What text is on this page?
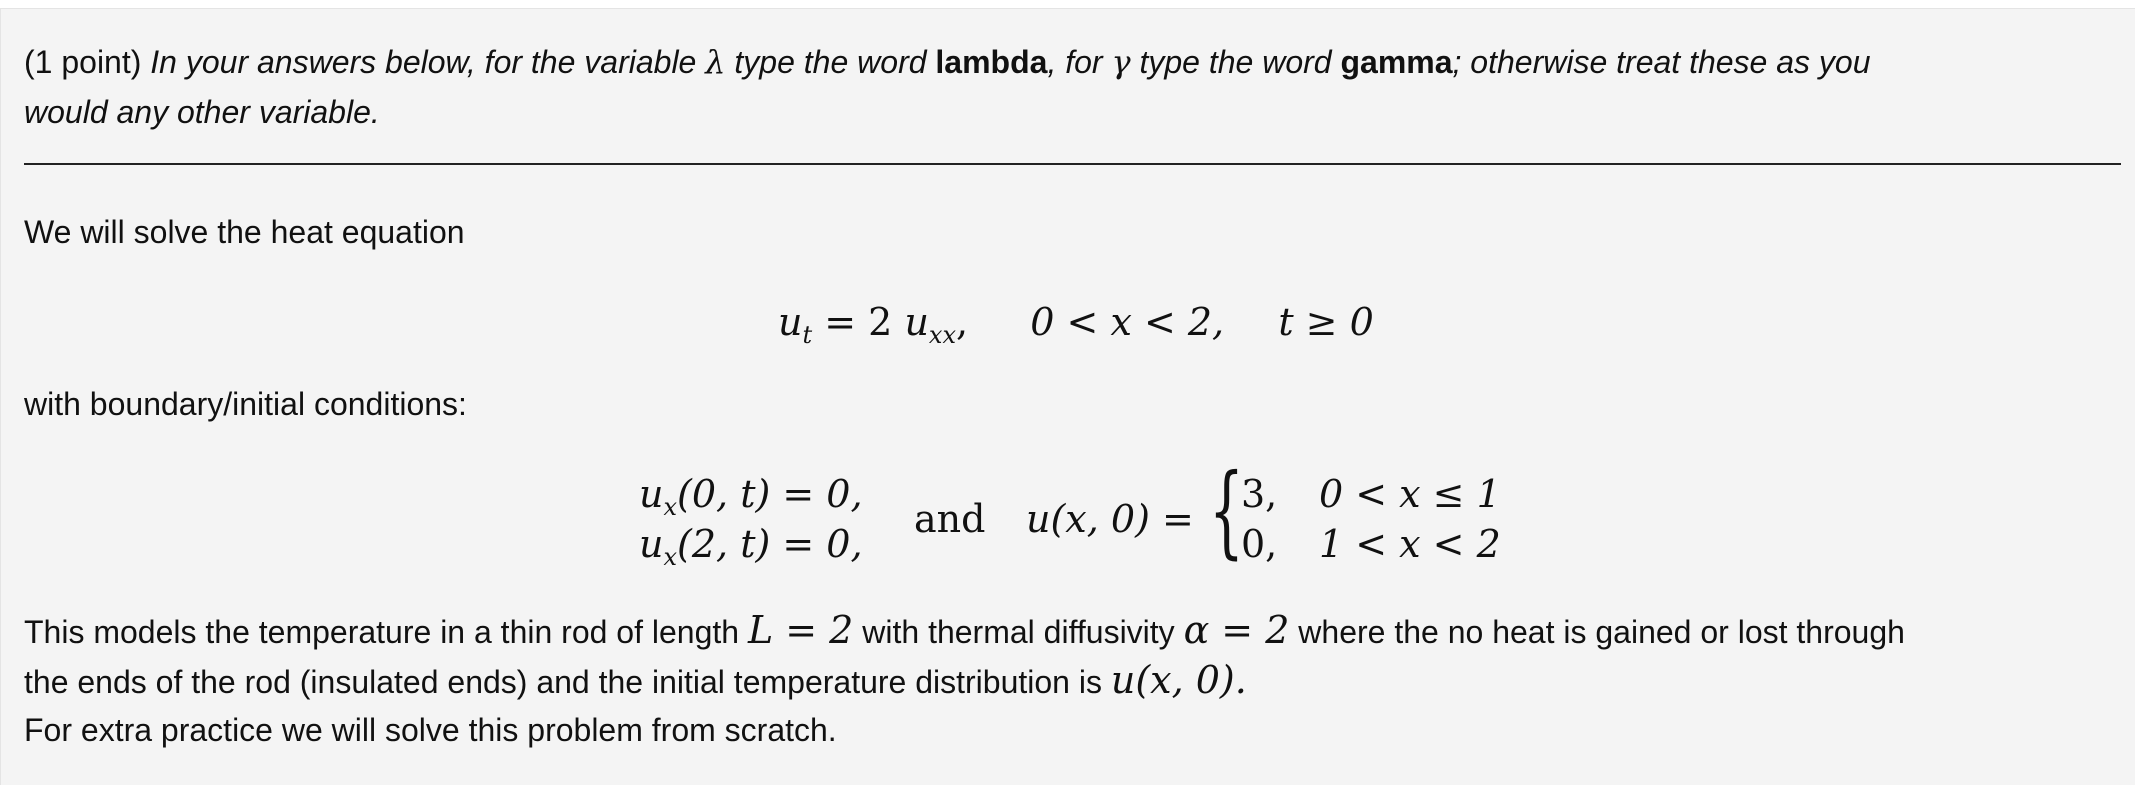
(1 point) In your answers below, for the variable λ type the word lambda, for γ type the word gamma; otherwise treat these as you
would any other variable.
We will solve the heat equation
$u_t = 2$ $u_{xx}$, 0 < x < 2, t ≥ 0
with boundary/initial conditions:
$u_x(0$, t) = 0,
$u_x(2$, t) = 0,
and u(x, 0) = {
3, 0 < x ≤ 1
0, 1 < x < 2
This models the temperature in a thin rod of length L = 2 with thermal diffusivity α = 2 where the no heat is gained or lost through
the ends of the rod (insulated ends) and the initial temperature distribution is u(x, 0).
For extra practice we will solve this problem from scratch.
